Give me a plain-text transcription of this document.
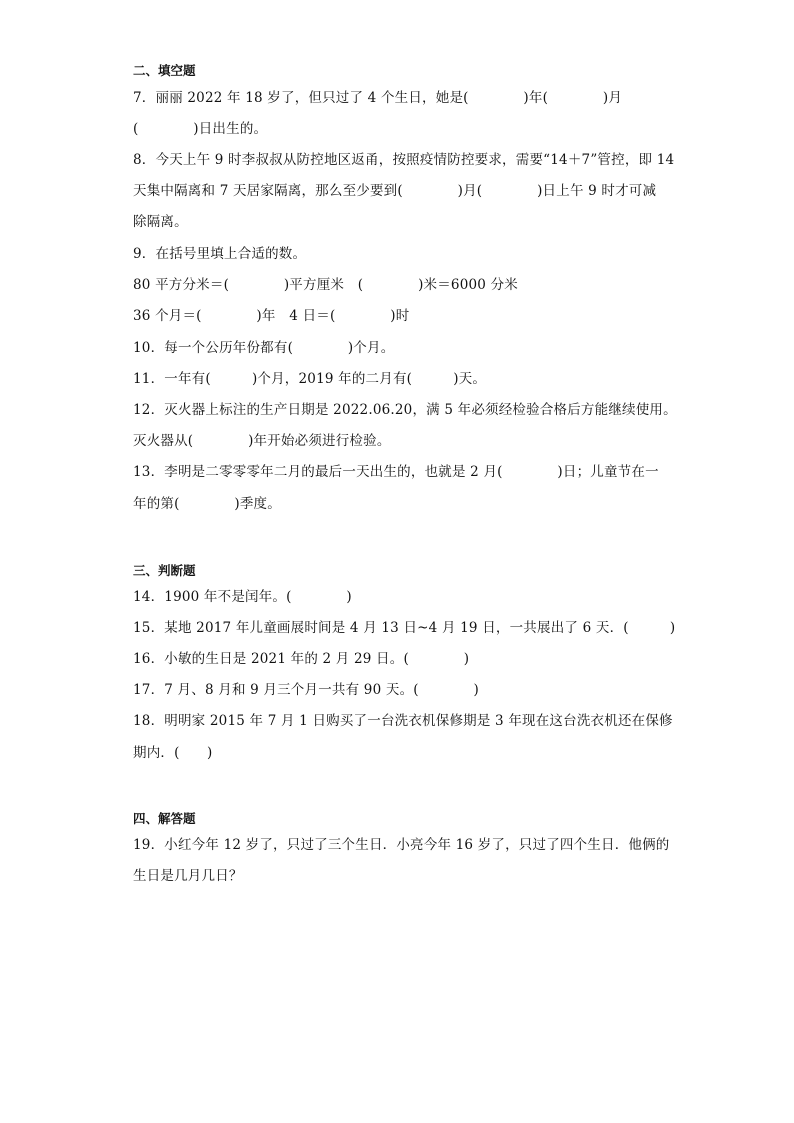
二、填空题
7．丽丽 2022 年 18 岁了，但只过了 4 个生日，她是(　　　　)年(　　　　)月
(　　　　)日出生的。
8．今天上午 9 时李叔叔从防控地区返甬，按照疫情防控要求，需要“14＋7”管控，即 14
天集中隔离和 7 天居家隔离，那么至少要到(　　　　)月(　　　　)日上午 9 时才可减
除隔离。
9．在括号里填上合适的数。
80 平方分米＝(　　　　)平方厘米　(　　　　)米＝6000 分米
36 个月＝(　　　　)年　4 日＝(　　　　)时
10．每一个公历年份都有(　　　　)个月。
11．一年有(　　　)个月，2019 年的二月有(　　　)天。
12．灭火器上标注的生产日期是 2022.06.20，满 5 年必须经检验合格后方能继续使用。
灭火器从(　　　　)年开始必须进行检验。
13．李明是二零零零年二月的最后一天出生的，也就是 2 月(　　　　)日；儿童节在一
年的第(　　　　)季度。
三、判断题
14．1900 年不是闰年。(　　　　)
15．某地 2017 年儿童画展时间是 4 月 13 日~4 月 19 日，一共展出了 6 天．(　　　)
16．小敏的生日是 2021 年的 2 月 29 日。(　　　　)
17．7 月、8 月和 9 月三个月一共有 90 天。(　　　　)
18．明明家 2015 年 7 月 1 日购买了一台洗衣机保修期是 3 年现在这台洗衣机还在保修
期内．(　　)
四、解答题
19．小红今年 12 岁了，只过了三个生日．小亮今年 16 岁了，只过了四个生日．他俩的
生日是几月几日？
